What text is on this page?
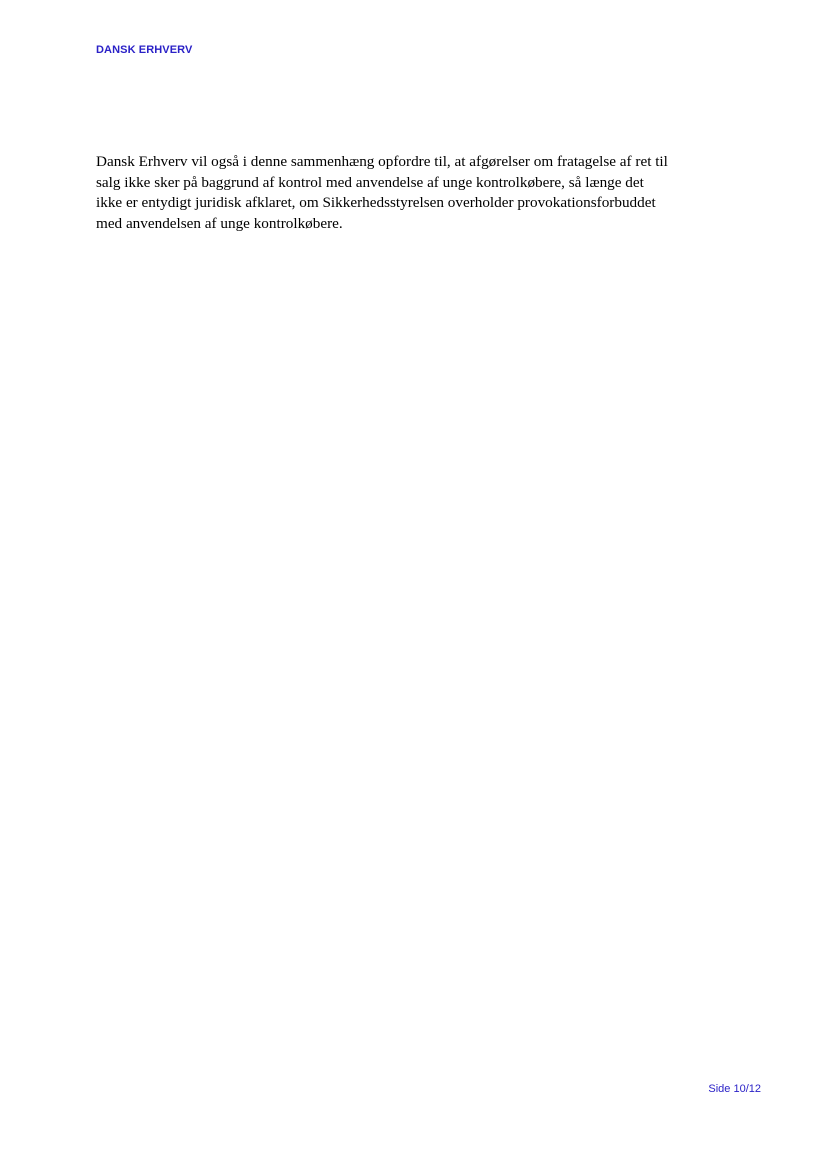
DANSK ERHVERV

Dansk Erhverv vil også i denne sammenhæng opfordre til, at afgørelser om fratagelse af ret til
salg ikke sker på baggrund af kontrol med anvendelse af unge kontrolkøbere, så længe det
ikke er entydigt juridisk afklaret, om Sikkerhedsstyrelsen overholder provokationsforbuddet
med anvendelsen af unge kontrolkøbere.

Side 10/12
